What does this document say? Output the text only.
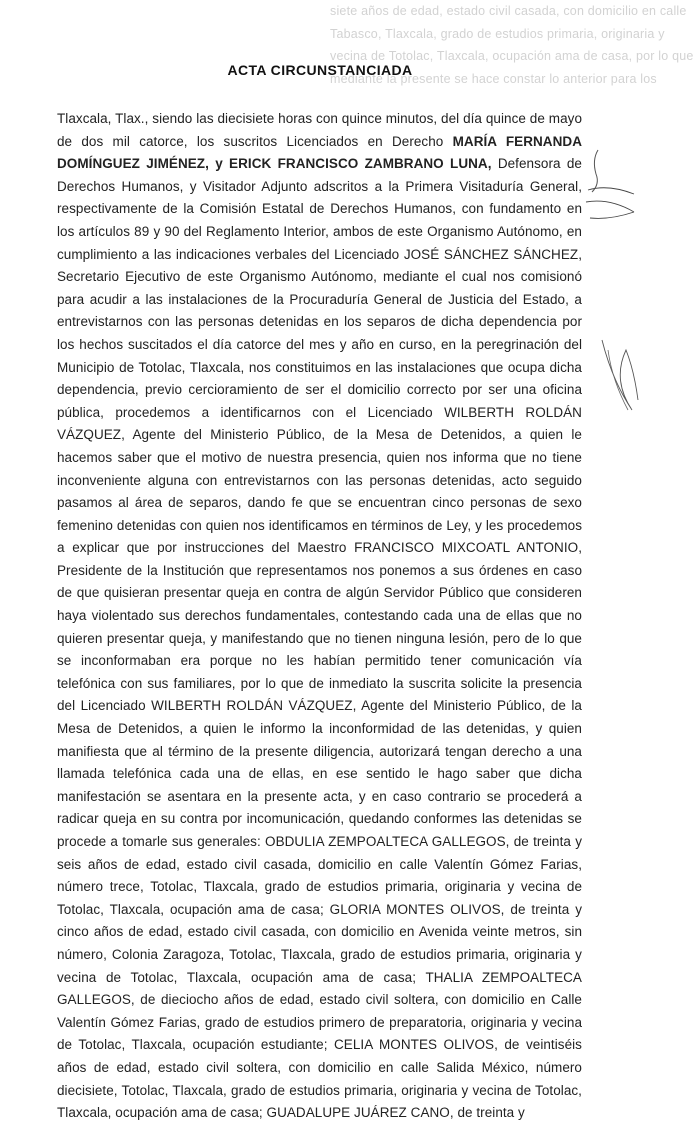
siete años de edad, estado civil casada, con domicilio en calle
Tabasco, Tlaxcala, grado de estudios primaria, originaria y
vecina de Totolac, Tlaxcala, ocupación ama de casa, por lo que
mediante la presente se hace constar lo anterior para los
ACTA CIRCUNSTANCIADA
Tlaxcala, Tlax., siendo las diecisiete horas con quince minutos, del día quince de mayo de dos mil catorce, los suscritos Licenciados en Derecho MARÍA FERNANDA DOMÍNGUEZ JIMÉNEZ, y ERICK FRANCISCO ZAMBRANO LUNA, Defensora de Derechos Humanos, y Visitador Adjunto adscritos a la Primera Visitaduría General, respectivamente de la Comisión Estatal de Derechos Humanos, con fundamento en los artículos 89 y 90 del Reglamento Interior, ambos de este Organismo Autónomo, en cumplimiento a las indicaciones verbales del Licenciado JOSÉ SÁNCHEZ SÁNCHEZ, Secretario Ejecutivo de este Organismo Autónomo, mediante el cual nos comisionó para acudir a las instalaciones de la Procuraduría General de Justicia del Estado, a entrevistarnos con las personas detenidas en los separos de dicha dependencia por los hechos suscitados el día catorce del mes y año en curso, en la peregrinación del Municipio de Totolac, Tlaxcala, nos constituimos en las instalaciones que ocupa dicha dependencia, previo cercioramiento de ser el domicilio correcto por ser una oficina pública, procedemos a identificarnos con el Licenciado WILBERTH ROLDÁN VÁZQUEZ, Agente del Ministerio Público, de la Mesa de Detenidos, a quien le hacemos saber que el motivo de nuestra presencia, quien nos informa que no tiene inconveniente alguna con entrevistarnos con las personas detenidas, acto seguido pasamos al área de separos, dando fe que se encuentran cinco personas de sexo femenino detenidas con quien nos identificamos en términos de Ley, y les procedemos a explicar que por instrucciones del Maestro FRANCISCO MIXCOATL ANTONIO, Presidente de la Institución que representamos nos ponemos a sus órdenes en caso de que quisieran presentar queja en contra de algún Servidor Público que consideren haya violentado sus derechos fundamentales, contestando cada una de ellas que no quieren presentar queja, y manifestando que no tienen ninguna lesión, pero de lo que se inconformaban era porque no les habían permitido tener comunicación vía telefónica con sus familiares, por lo que de inmediato la suscrita solicite la presencia del Licenciado WILBERTH ROLDÁN VÁZQUEZ, Agente del Ministerio Público, de la Mesa de Detenidos, a quien le informo la inconformidad de las detenidas, y quien manifiesta que al término de la presente diligencia, autorizará tengan derecho a una llamada telefónica cada una de ellas, en ese sentido le hago saber que dicha manifestación se asentara en la presente acta, y en caso contrario se procederá a radicar queja en su contra por incomunicación, quedando conformes las detenidas se procede a tomarle sus generales: OBDULIA ZEMPOALTECA GALLEGOS, de treinta y seis años de edad, estado civil casada, domicilio en calle Valentín Gómez Farias, número trece, Totolac, Tlaxcala, grado de estudios primaria, originaria y vecina de Totolac, Tlaxcala, ocupación ama de casa; GLORIA MONTES OLIVOS, de treinta y cinco años de edad, estado civil casada, con domicilio en Avenida veinte metros, sin número, Colonia Zaragoza, Totolac, Tlaxcala, grado de estudios primaria, originaria y vecina de Totolac, Tlaxcala, ocupación ama de casa; THALIA ZEMPOALTECA GALLEGOS, de dieciocho años de edad, estado civil soltera, con domicilio en Calle Valentín Gómez Farias, grado de estudios primero de preparatoria, originaria y vecina de Totolac, Tlaxcala, ocupación estudiante; CELIA MONTES OLIVOS, de veintiséis años de edad, estado civil soltera, con domicilio en calle Salida México, número diecisiete, Totolac, Tlaxcala, grado de estudios primaria, originaria y vecina de Totolac, Tlaxcala, ocupación ama de casa; GUADALUPE JUÁREZ CANO, de treinta y
